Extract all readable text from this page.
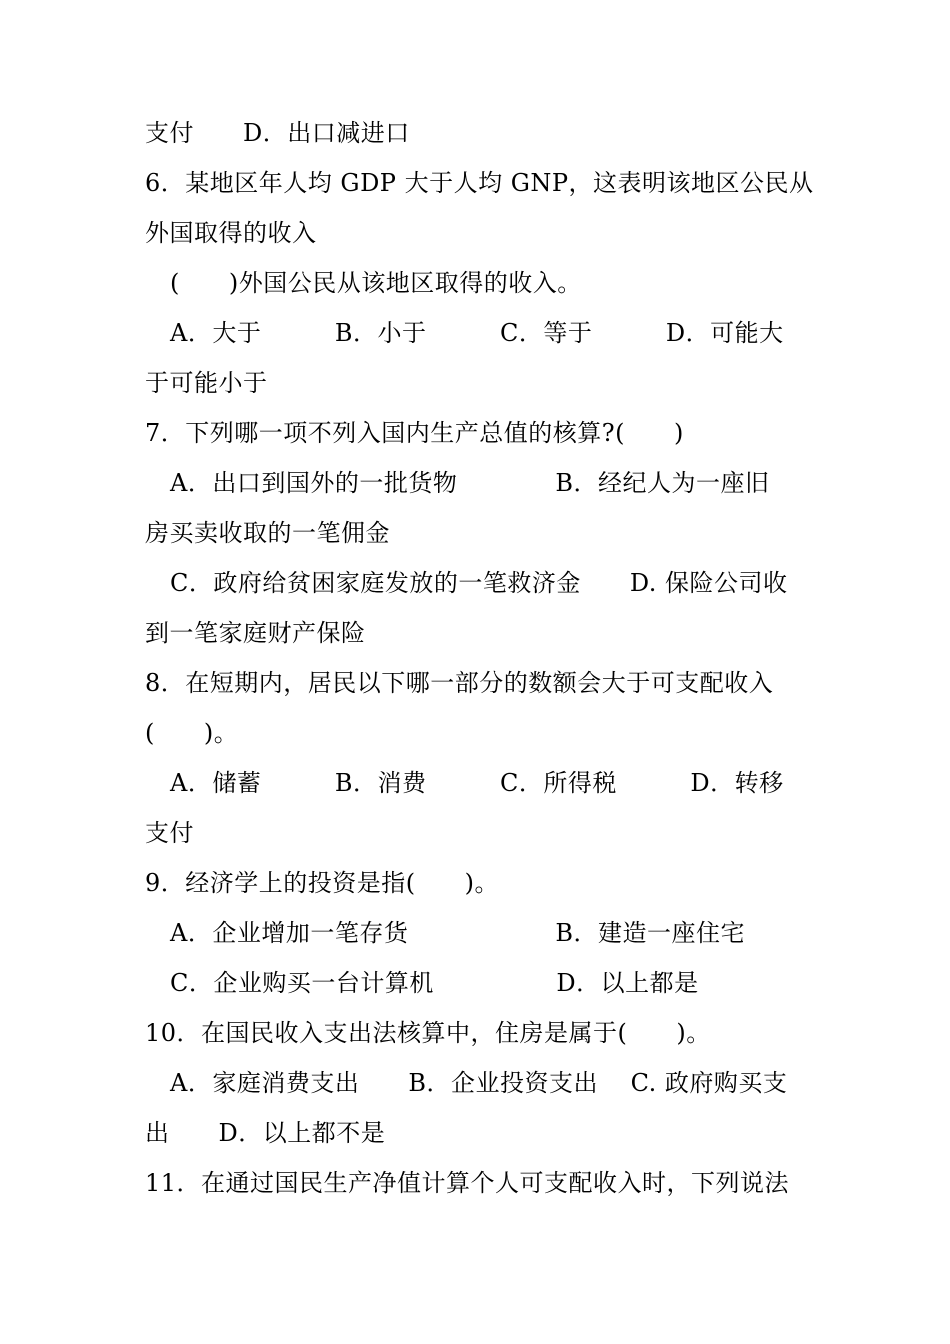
支付　　D．出口减进口
6．某地区年人均 GDP 大于人均 GNP，这表明该地区公民从
外国取得的收入
(　　)外国公民从该地区取得的收入。
A．大于　　　B．小于　　　C．等于　　　D．可能大
于可能小于
7．下列哪一项不列入国内生产总值的核算?(　　)
A．出口到国外的一批货物　　　　B．经纪人为一座旧
房买卖收取的一笔佣金
C．政府给贫困家庭发放的一笔救济金　　D. 保险公司收
到一笔家庭财产保险
8．在短期内，居民以下哪一部分的数额会大于可支配收入
(　　)。
A．储蓄　　　B．消费　　　C．所得税　　　D．转移
支付
9．经济学上的投资是指(　　)。
A．企业增加一笔存货　　　　　　B．建造一座住宅
C．企业购买一台计算机　　　　　D．以上都是
10．在国民收入支出法核算中，住房是属于(　　)。
A．家庭消费支出　　B．企业投资支出　 C. 政府购买支
出　　D．以上都不是
11．在通过国民生产净值计算个人可支配收入时，下列说法
